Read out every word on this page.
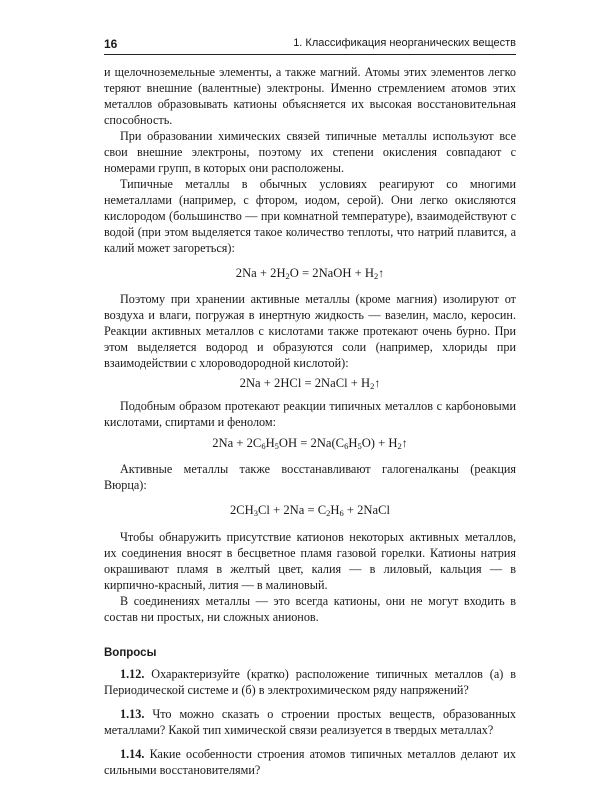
16	1. Классификация неорганических веществ

и щелочноземельные элементы, а также магний. Атомы этих элементов легко теряют внешние (валентные) электроны. Именно стремлением атомов этих металлов образовывать катионы объясняется их высокая восстановительная способность.

При образовании химических связей типичные металлы используют все свои внешние электроны, поэтому их степени окисления совпадают с номерами групп, в которых они расположены.

Типичные металлы в обычных условиях реагируют со многими неметаллами (например, с фтором, иодом, серой). Они легко окисляются кислородом (большинство — при комнатной температуре), взаимодействуют с водой (при этом выделяется такое количество теплоты, что натрий плавится, а калий может загореться):

$2Na + 2H_2O$ = 2NaOH + $H_2↑$

Поэтому при хранении активные металлы (кроме магния) изолируют от воздуха и влаги, погружая в инертную жидкость — вазелин, масло, керосин. Реакции активных металлов с кислотами также протекают очень бурно. При этом выделяется водород и образуются соли (например, хлориды при взаимодействии с хлороводородной кислотой):

2Na + 2HCl = 2NaCl + $H_2↑$

Подобным образом протекают реакции типичных металлов с карбоновыми кислотами, спиртами и фенолом:

$2Na + 2C_6H_5OH = 2Na(C_6H_5O)$ + $H_2↑$

Активные металлы также восстанавливают галогеналканы (реакция Вюрца):

$2CH_3Cl + 2Na = C_2H_6$ + 2NaCl

Чтобы обнаружить присутствие катионов некоторых активных металлов, их соединения вносят в бесцветное пламя газовой горелки. Катионы натрия окрашивают пламя в желтый цвет, калия — в лиловый, кальция — в кирпично-красный, лития — в малиновый.

В соединениях металлы — это всегда катионы, они не могут входить в состав ни простых, ни сложных анионов.

Вопросы

1.12. Охарактеризуйте (кратко) расположение типичных металлов (а) в Периодической системе и (б) в электрохимическом ряду напряжений?

1.13. Что можно сказать о строении простых веществ, образованных металлами? Какой тип химической связи реализуется в твердых металлах?

1.14. Какие особенности строения атомов типичных металлов делают их сильными восстановителями?
